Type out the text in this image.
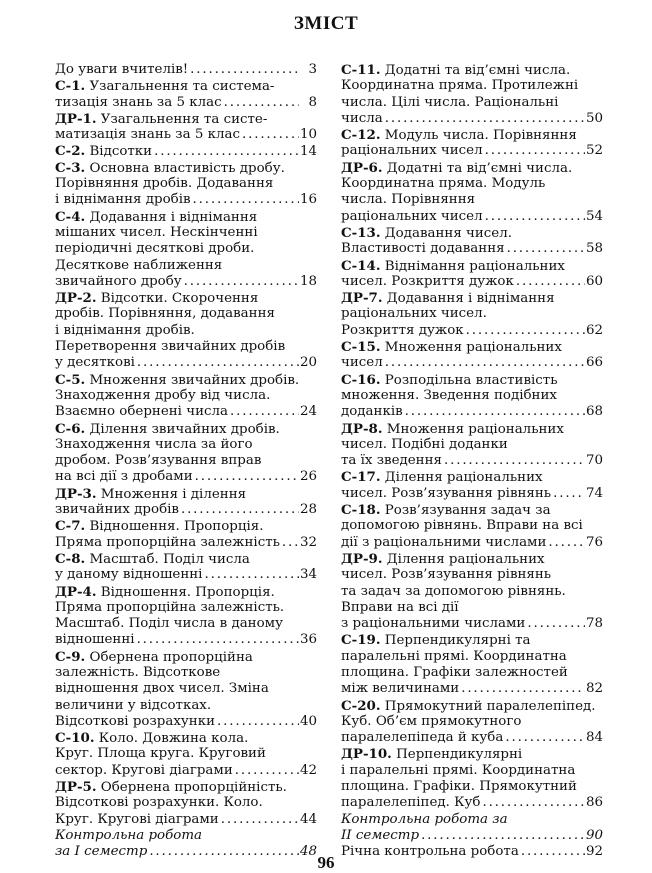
ЗМІСТ
До уваги вчителів! . . .	3
С-1. Узагальнення та система-
тизація знань за 5 клас . . .	8
ДР-1. Узагальнення та систе-
матизація знань за 5 клас . . .	10
С-2. Відсотки . . .	14
С-3. Основна властивість дробу.
Порівняння дробів. Додавання
і віднімання дробів . . .	16
С-4. Додавання і віднімання
мішаних чисел. Нескінченні
періодичні десяткові дроби.
Десяткове наближення
звичайного дробу . . .	18
ДР-2. Відсотки. Скорочення
дробів. Порівняння, додавання
і віднімання дробів.
Перетворення звичайних дробів
у десяткові . . .	20
С-5. Множення звичайних дробів.
Знаходження дробу від числа.
Взаємно обернені числа . . .	24
С-6. Ділення звичайних дробів.
Знаходження числа за його
дробом. Розв’язування вправ
на всі дії з дробами . . .	26
ДР-3. Множення і ділення
звичайних дробів . . .	28
С-7. Відношення. Пропорція.
Пряма пропорційна залежність . . . 32
С-8. Масштаб. Поділ числа
у даному відношенні . . .	34
ДР-4. Відношення. Пропорція.
Пряма пропорційна залежність.
Масштаб. Поділ числа в даному
відношенні . . .	36
С-9. Обернена пропорційна
залежність. Відсоткове
відношення двох чисел. Зміна
величини у відсотках.
Відсоткові розрахунки . . .	40
С-10. Коло. Довжина кола.
Круг. Площа круга. Круговий
сектор. Кругові діаграми . . .	42
ДР-5. Обернена пропорційність.
Відсоткові розрахунки. Коло.
Круг. Кругові діаграми . . .	44
Контрольна робота
за I семестр . . .	48
С-11. Додатні та від’ємні числа.
Координатна пряма. Протилежні
числа. Цілі числа. Раціональні
числа . . .	50
С-12. Модуль числа. Порівняння
раціональних чисел . . .	52
ДР-6. Додатні та від’ємні числа.
Координатна пряма. Модуль
числа. Порівняння
раціональних чисел . . .	54
С-13. Додавання чисел.
Властивості додавання . . .	58
С-14. Віднімання раціональних
чисел. Розкриття дужок . . .	60
ДР-7. Додавання і віднімання
раціональних чисел.
Розкриття дужок . . .	62
С-15. Множення раціональних
чисел . . .	66
С-16. Розподільна властивість
множення. Зведення подібних
доданків . . .	68
ДР-8. Множення раціональних
чисел. Подібні доданки
та їх зведення . . .	70
С-17. Ділення раціональних
чисел. Розв’язування рівнянь . . .	74
С-18. Розв’язування задач за
допомогою рівнянь. Вправи на всі
дії з раціональними числами . . .	76
ДР-9. Ділення раціональних
чисел. Розв’язування рівнянь
та задач за допомогою рівнянь.
Вправи на всі дії
з раціональними числами . . .	78
С-19. Перпендикулярні та
паралельні прямі. Координатна
площина. Графіки залежностей
між величинами . . .	82
С-20. Прямокутний паралелепіпед.
Куб. Об’єм прямокутного
паралелепіпеда й куба . . .	84
ДР-10. Перпендикулярні
і паралельні прямі. Координатна
площина. Графіки. Прямокутний
паралелепіпед. Куб . . .	86
Контрольна робота за
II семестр . . .	90
Річна контрольна робота . . .	92
96
